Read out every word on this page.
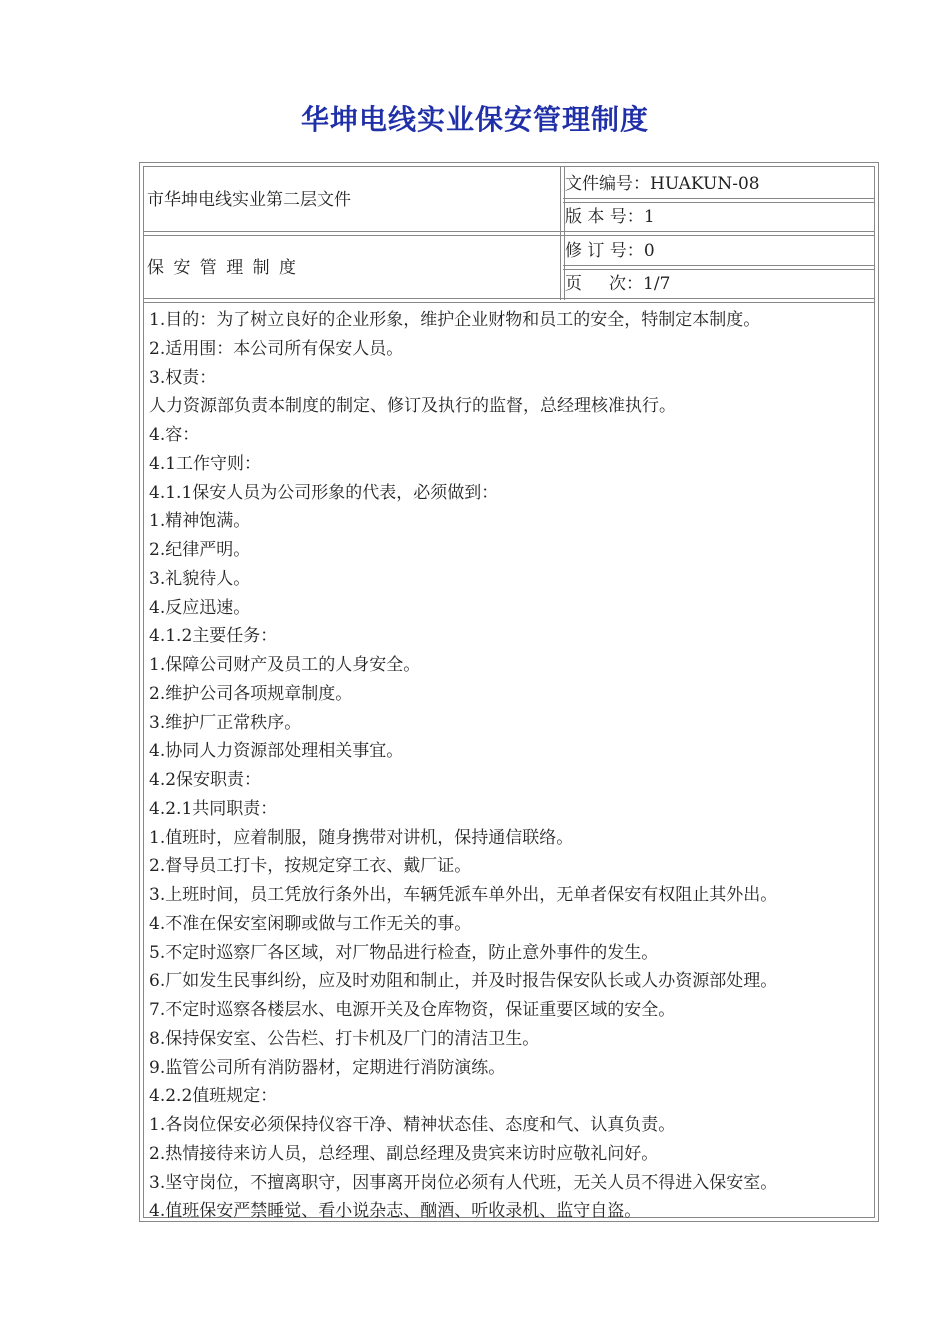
华坤电线实业保安管理制度
市华坤电线实业第二层文件
保 安 管 理 制 度
文件编号：HUAKUN-08
版 本 号：1
修 订 号：0
页     次：1/7
1.目的：为了树立良好的企业形象，维护企业财物和员工的安全，特制定本制度。
2.适用围：本公司所有保安人员。
3.权责：
人力资源部负责本制度的制定、修订及执行的监督，总经理核准执行。
4.容：
4.1工作守则：
4.1.1保安人员为公司形象的代表，必须做到：
1.精神饱满。
2.纪律严明。
3.礼貌待人。
4.反应迅速。
4.1.2主要任务：
1.保障公司财产及员工的人身安全。
2.维护公司各项规章制度。
3.维护厂正常秩序。
4.协同人力资源部处理相关事宜。
4.2保安职责：
4.2.1共同职责：
1.值班时，应着制服，随身携带对讲机，保持通信联络。
2.督导员工打卡，按规定穿工衣、戴厂证。
3.上班时间，员工凭放行条外出，车辆凭派车单外出，无单者保安有权阻止其外出。
4.不准在保安室闲聊或做与工作无关的事。
5.不定时巡察厂各区域，对厂物品进行检查，防止意外事件的发生。
6.厂如发生民事纠纷，应及时劝阻和制止，并及时报告保安队长或人办资源部处理。
7.不定时巡察各楼层水、电源开关及仓库物资，保证重要区域的安全。
8.保持保安室、公告栏、打卡机及厂门的清洁卫生。
9.监管公司所有消防器材，定期进行消防演练。
4.2.2值班规定：
1.各岗位保安必须保持仪容干净、精神状态佳、态度和气、认真负责。
2.热情接待来访人员，总经理、副总经理及贵宾来访时应敬礼问好。
3.坚守岗位，不擅离职守，因事离开岗位必须有人代班，无关人员不得进入保安室。
4.值班保安严禁睡觉、看小说杂志、酗酒、听收录机、监守自盗。
